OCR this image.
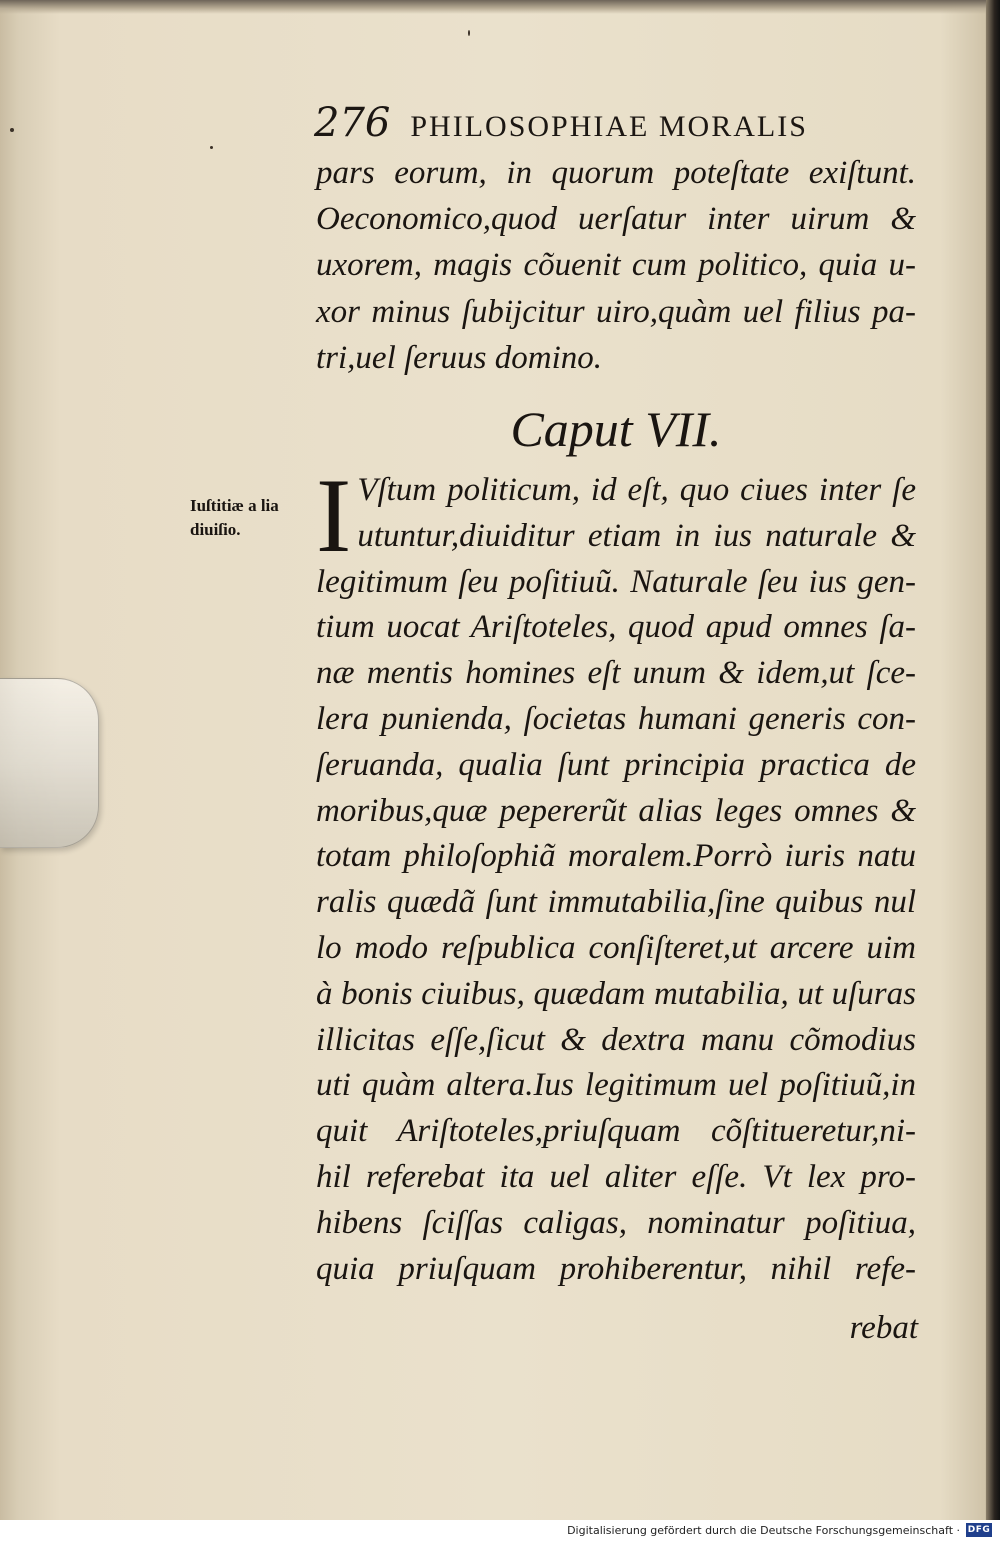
276 PHILOSOPHIAE MORALIS
pars eorum, in quorum poteſtate exiſtunt.
Oeconomico,quod uerſatur inter uirum &
uxorem, magis cõuenit cum politico, quia u-
xor minus ſubijcitur uiro,quàm uel filius pa-
tri,uel ſeruus domino.
Caput VII.
Iuſtitiæ a lia
diuiſio. I Vſtum politicum, id eſt, quo ciues inter ſe
utuntur,diuiditur etiam in ius naturale &
legitimum ſeu poſitiuũ. Naturale ſeu ius gen-
tium uocat Ariſtoteles, quod apud omnes ſa-
næ mentis homines eſt unum & idem,ut ſce-
lera punienda, ſocietas humani generis con-
ſeruanda, qualia ſunt principia practica de
moribus,quæ pepererũt alias leges omnes &
totam philoſophiã moralem.Porrò iuris natu
ralis quædã ſunt immutabilia,ſine quibus nul
lo modo reſpublica conſiſteret,ut arcere uim
à bonis ciuibus, quædam mutabilia, ut uſuras
illicitas eſſe,ſicut & dextra manu cõmodius
uti quàm altera.Ius legitimum uel poſitiuũ,in
quit Ariſtoteles,priuſquam cõſtitueretur,ni-
hil referebat ita uel aliter eſſe. Vt lex pro-
hibens ſciſſas caligas, nominatur poſitiua,
quia priuſquam prohiberentur, nihil refe-
rebat
Digitalisierung gefördert durch die Deutsche Forschungsgemeinschaft · DFG
